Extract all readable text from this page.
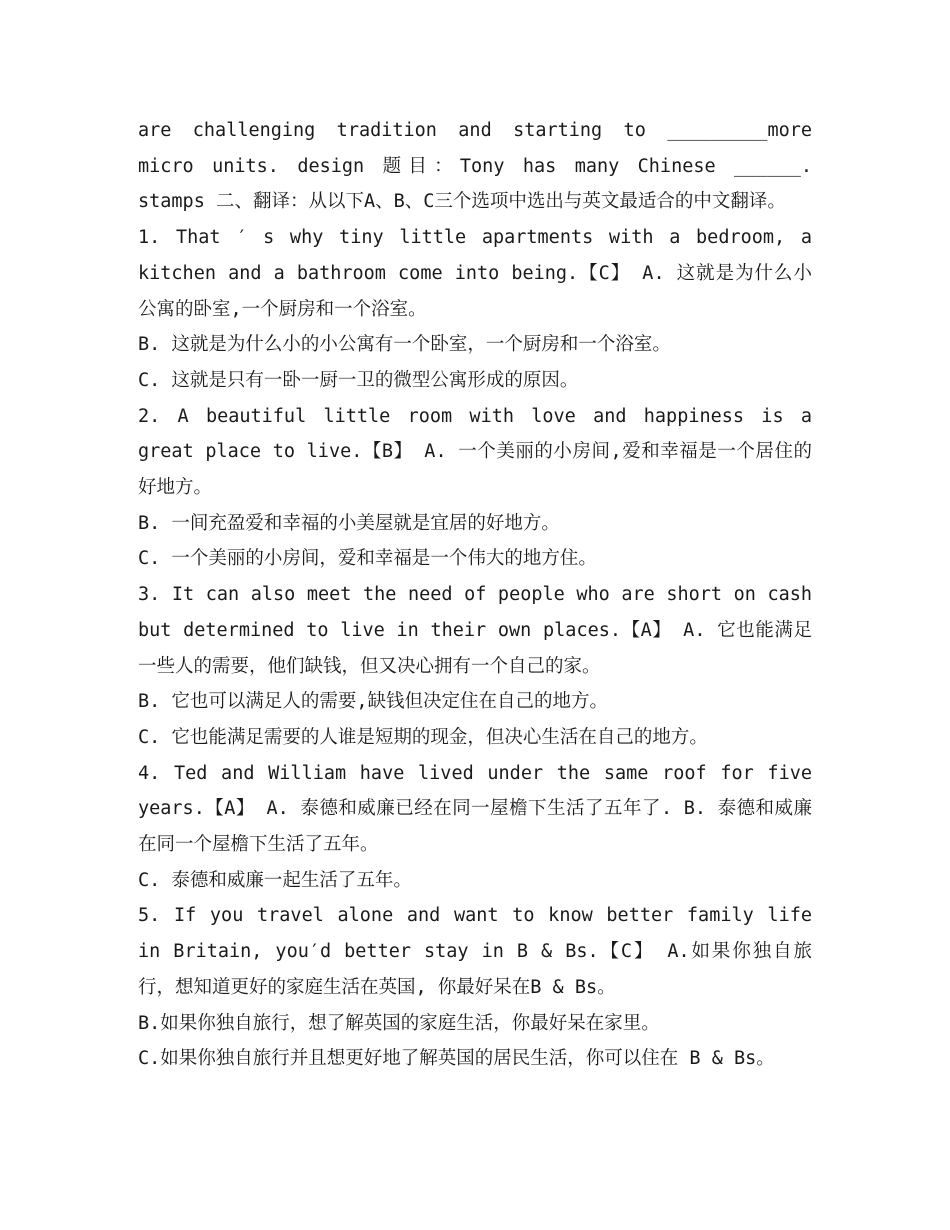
are challenging tradition and starting to _________more micro units. design 题目：Tony has many Chinese ______. stamps 二、翻译：从以下A、B、C三个选项中选出与英文最适合的中文翻译。

1. That ′ s why tiny little apartments with a bedroom, a kitchen and a bathroom come into being.【C】 A. 这就是为什么小公寓的卧室,一个厨房和一个浴室。

B. 这就是为什么小的小公寓有一个卧室，一个厨房和一个浴室。

C. 这就是只有一卧一厨一卫的微型公寓形成的原因。

2. A beautiful little room with love and happiness is a great place to live.【B】 A. 一个美丽的小房间,爱和幸福是一个居住的好地方。

B. 一间充盈爱和幸福的小美屋就是宜居的好地方。

C. 一个美丽的小房间，爱和幸福是一个伟大的地方住。

3. It can also meet the need of people who are short on cash but determined to live in their own places.【A】 A. 它也能满足一些人的需要，他们缺钱，但又决心拥有一个自己的家。

B. 它也可以满足人的需要,缺钱但决定住在自己的地方。

C. 它也能满足需要的人谁是短期的现金，但决心生活在自己的地方。

4. Ted and William have lived under the same roof for five years.【A】 A. 泰德和威廉已经在同一屋檐下生活了五年了. B. 泰德和威廉在同一个屋檐下生活了五年。

C. 泰德和威廉一起生活了五年。

5. If you travel alone and want to know better family life in Britain, you′d better stay in B & Bs.【C】 A.如果你独自旅行，想知道更好的家庭生活在英国, 你最好呆在B & Bs。

B.如果你独自旅行，想了解英国的家庭生活，你最好呆在家里。

C.如果你独自旅行并且想更好地了解英国的居民生活，你可以住在 B & Bs。
